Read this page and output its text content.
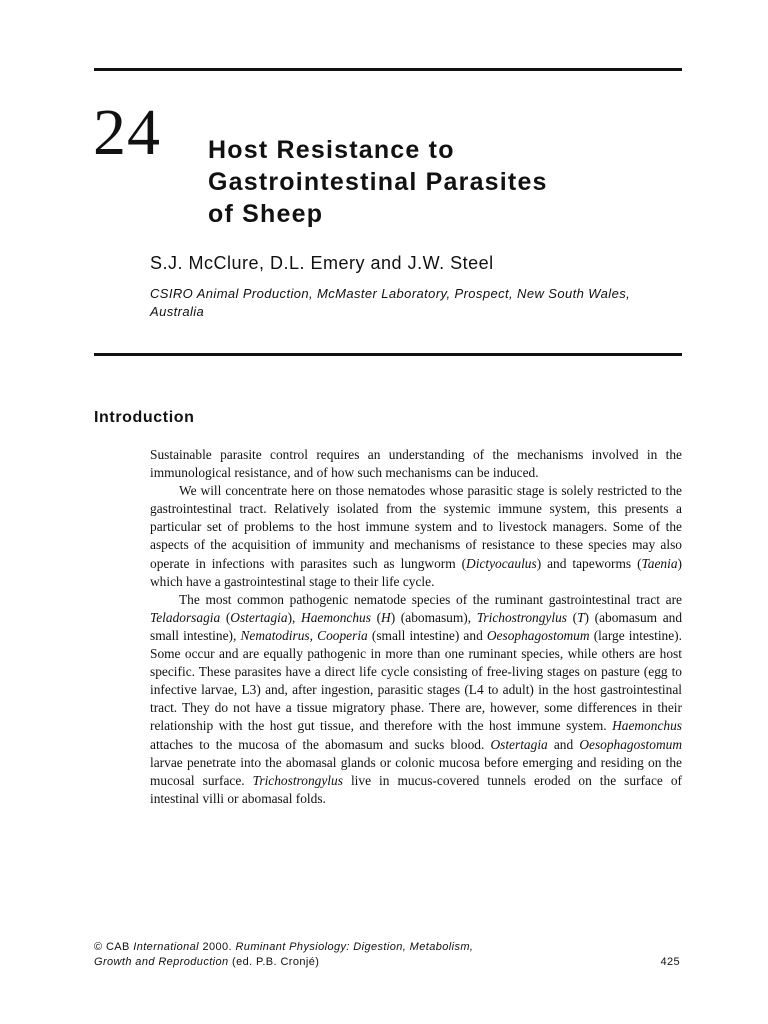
24 Host Resistance to
Gastrointestinal Parasites
of Sheep
S.J. McClure, D.L. Emery and J.W. Steel
CSIRO Animal Production, McMaster Laboratory, Prospect, New South Wales, Australia
Introduction

Sustainable parasite control requires an understanding of the mechanisms involved in the immunological resistance, and of how such mechanisms can be induced.

We will concentrate here on those nematodes whose parasitic stage is solely restricted to the gastrointestinal tract. Relatively isolated from the systemic immune system, this presents a particular set of problems to the host immune system and to livestock managers. Some of the aspects of the acquisition of immunity and mechanisms of resistance to these species may also operate in infections with parasites such as lungworm (Dictyocaulus) and tapeworms (Taenia) which have a gastrointestinal stage to their life cycle.

The most common pathogenic nematode species of the ruminant gastrointestinal tract are Teladorsagia (Ostertagia), Haemonchus (H) (abomasum), Trichostrongylus (T) (abomasum and small intestine), Nematodirus, Cooperia (small intestine) and Oesophagostomum (large intestine). Some occur and are equally pathogenic in more than one ruminant species, while others are host specific. These parasites have a direct life cycle consisting of free-living stages on pasture (egg to infective larvae, L3) and, after ingestion, parasitic stages (L4 to adult) in the host gastrointestinal tract. They do not have a tissue migratory phase. There are, however, some differences in their relationship with the host gut tissue, and therefore with the host immune system. Haemonchus attaches to the mucosa of the abomasum and sucks blood. Ostertagia and Oesophagostomum larvae penetrate into the abomasal glands or colonic mucosa before emerging and residing on the mucosal surface. Trichostrongylus live in mucus-covered tunnels eroded on the surface of intestinal villi or abomasal folds.

© CAB International 2000. Ruminant Physiology: Digestion, Metabolism,
Growth and Reproduction (ed. P.B. Cronjé)	425
